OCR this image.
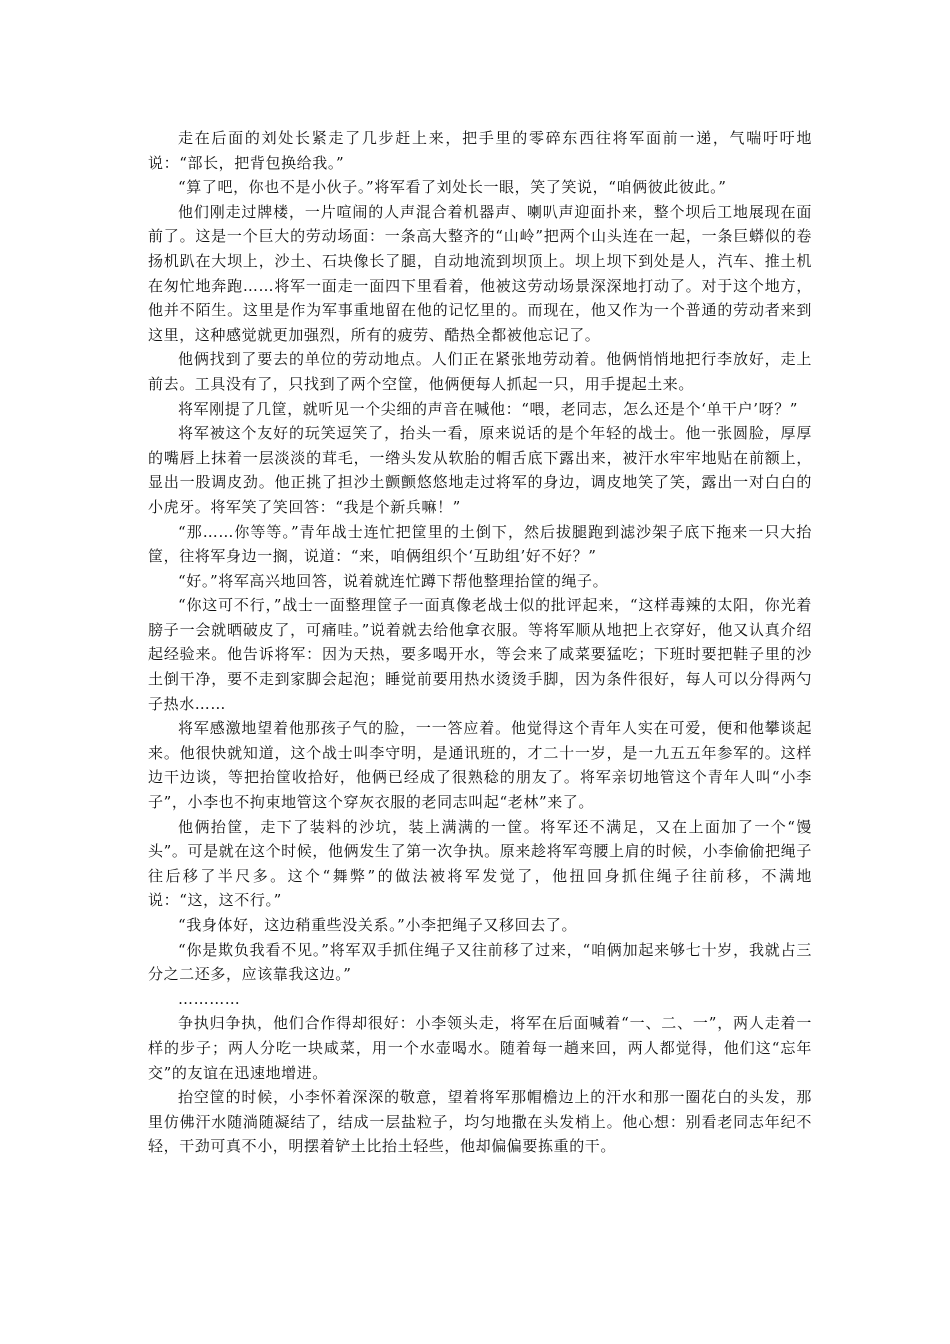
走在后面的刘处长紧走了几步赶上来，把手里的零碎东西往将军面前一递，气喘吁吁地说：“部长，把背包换给我。”

“算了吧，你也不是小伙子。”将军看了刘处长一眼，笑了笑说，“咱俩彼此彼此。”

他们刚走过牌楼，一片喧闹的人声混合着机器声、喇叭声迎面扑来，整个坝后工地展现在面前了。这是一个巨大的劳动场面：一条高大整齐的“山岭”把两个山头连在一起，一条巨蟒似的卷扬机趴在大坝上，沙土、石块像长了腿，自动地流到坝顶上。坝上坝下到处是人，汽车、推土机在匆忙地奔跑……将军一面走一面四下里看着，他被这劳动场景深深地打动了。对于这个地方，他并不陌生。这里是作为军事重地留在他的记忆里的。而现在，他又作为一个普通的劳动者来到这里，这种感觉就更加强烈，所有的疲劳、酷热全都被他忘记了。

他俩找到了要去的单位的劳动地点。人们正在紧张地劳动着。他俩悄悄地把行李放好，走上前去。工具没有了，只找到了两个空筐，他俩便每人抓起一只，用手提起土来。

将军刚提了几筐，就听见一个尖细的声音在喊他：“喂，老同志，怎么还是个‘单干户’呀？”

将军被这个友好的玩笑逗笑了，抬头一看，原来说话的是个年轻的战士。他一张圆脸，厚厚的嘴唇上抹着一层淡淡的茸毛，一绺头发从软胎的帽舌底下露出来，被汗水牢牢地贴在前额上，显出一股调皮劲。他正挑了担沙土颤颤悠悠地走过将军的身边，调皮地笑了笑，露出一对白白的小虎牙。将军笑了笑回答：“我是个新兵嘛！”

“那……你等等。”青年战士连忙把筐里的土倒下，然后拔腿跑到滤沙架子底下拖来一只大抬筐，往将军身边一搁，说道：“来，咱俩组织个‘互助组’好不好？”

“好。”将军高兴地回答，说着就连忙蹲下帮他整理抬筐的绳子。

“你这可不行，”战士一面整理筐子一面真像老战士似的批评起来，“这样毒辣的太阳，你光着膀子一会就晒破皮了，可痛哇。”说着就去给他拿衣服。等将军顺从地把上衣穿好，他又认真介绍起经验来。他告诉将军：因为天热，要多喝开水，等会来了咸菜要猛吃；下班时要把鞋子里的沙土倒干净，要不走到家脚会起泡；睡觉前要用热水烫烫手脚，因为条件很好，每人可以分得两勺子热水……

将军感激地望着他那孩子气的脸，一一答应着。他觉得这个青年人实在可爱，便和他攀谈起来。他很快就知道，这个战士叫李守明，是通讯班的，才二十一岁，是一九五五年参军的。这样边干边谈，等把抬筐收拾好，他俩已经成了很熟稔的朋友了。将军亲切地管这个青年人叫“小李子”，小李也不拘束地管这个穿灰衣服的老同志叫起“老林”来了。

他俩抬筐，走下了装料的沙坑，装上满满的一筐。将军还不满足，又在上面加了一个“馒头”。可是就在这个时候，他俩发生了第一次争执。原来趁将军弯腰上肩的时候，小李偷偷把绳子往后移了半尺多。这个“舞弊”的做法被将军发觉了，他扭回身抓住绳子往前移，不满地说：“这，这不行。”

“我身体好，这边稍重些没关系。”小李把绳子又移回去了。

“你是欺负我看不见。”将军双手抓住绳子又往前移了过来，“咱俩加起来够七十岁，我就占三分之二还多，应该靠我这边。”

…………

争执归争执，他们合作得却很好：小李领头走，将军在后面喊着“一、二、一”，两人走着一样的步子；两人分吃一块咸菜，用一个水壶喝水。随着每一趟来回，两人都觉得，他们这“忘年交”的友谊在迅速地增进。

抬空筐的时候，小李怀着深深的敬意，望着将军那帽檐边上的汗水和那一圈花白的头发，那里仿佛汗水随淌随凝结了，结成一层盐粒子，均匀地撒在头发梢上。他心想：别看老同志年纪不轻，干劲可真不小，明摆着铲土比抬土轻些，他却偏偏要拣重的干。
